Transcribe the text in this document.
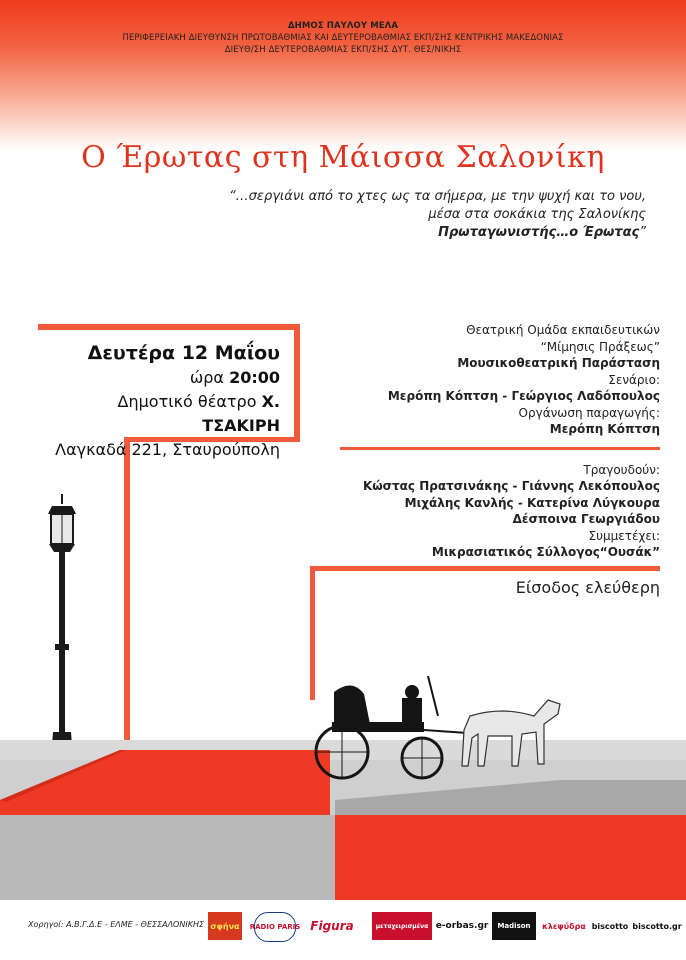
ΔΗΜΟΣ ΠΑΥΛΟΥ ΜΕΛΑ
ΠΕΡΙΦΕΡΕΙΑΚΗ ΔΙΕΥΘΥΝΣΗ ΠΡΩΤΟΒΑΘΜΙΑΣ ΚΑΙ ΔΕΥΤΕΡΟΒΑΘΜΙΑΣ ΕΚΠ/ΣΗΣ ΚΕΝΤΡΙΚΗΣ ΜΑΚΕΔΟΝΙΑΣ
ΔΙΕΥΘ/ΣΗ ΔΕΥΤΕΡΟΒΑΘΜΙΑΣ ΕΚΠ/ΣΗΣ ΔΥΤ. ΘΕΣ/ΝΙΚΗΣ
Ο Έρωτας στη Μάισσα Σαλονίκη
“…σεργιάνι από το χτες ως τα σήμερα, με την ψυχή και το νου,
μέσα στα σοκάκια της Σαλονίκης
Πρωταγωνιστής…ο Έρωτας”
Δευτέρα 12 Μαΐου
ώρα 20:00
Δημοτικό θέατρο Χ. ΤΣΑΚΙΡΗ
Λαγκαδά 221, Σταυρούπολη
Θεατρική Ομάδα εκπαιδευτικών
“Μίμησις Πράξεως”
Μουσικοθεατρική Παράσταση
Σενάριο:
Μερόπη Κόπτση - Γεώργιος Λαδόπουλος
Οργάνωση παραγωγής:
Μερόπη Κόπτση
Τραγουδούν:
Κώστας Πρατσινάκης - Γιάννης Λεκόπουλος
Μιχάλης Κανλής - Κατερίνα Λύγκουρα
Δέσποινα Γεωργιάδου
Συμμετέχει:
Μικρασιατικός Σύλλογος“Ουσάκ”
Είσοδος ελεύθερη
Χορηγοί: Α.Β.Γ.Δ.Ε - ΕΛΜΕ - ΘΕΣΣΑΛΟΝΙΚΗΣ σφήνα	RADIO PARIS Figura	μεταχειρισμένα e-orbas.gr	Madison	κλεψύδρα biscotto biscotto.gr
